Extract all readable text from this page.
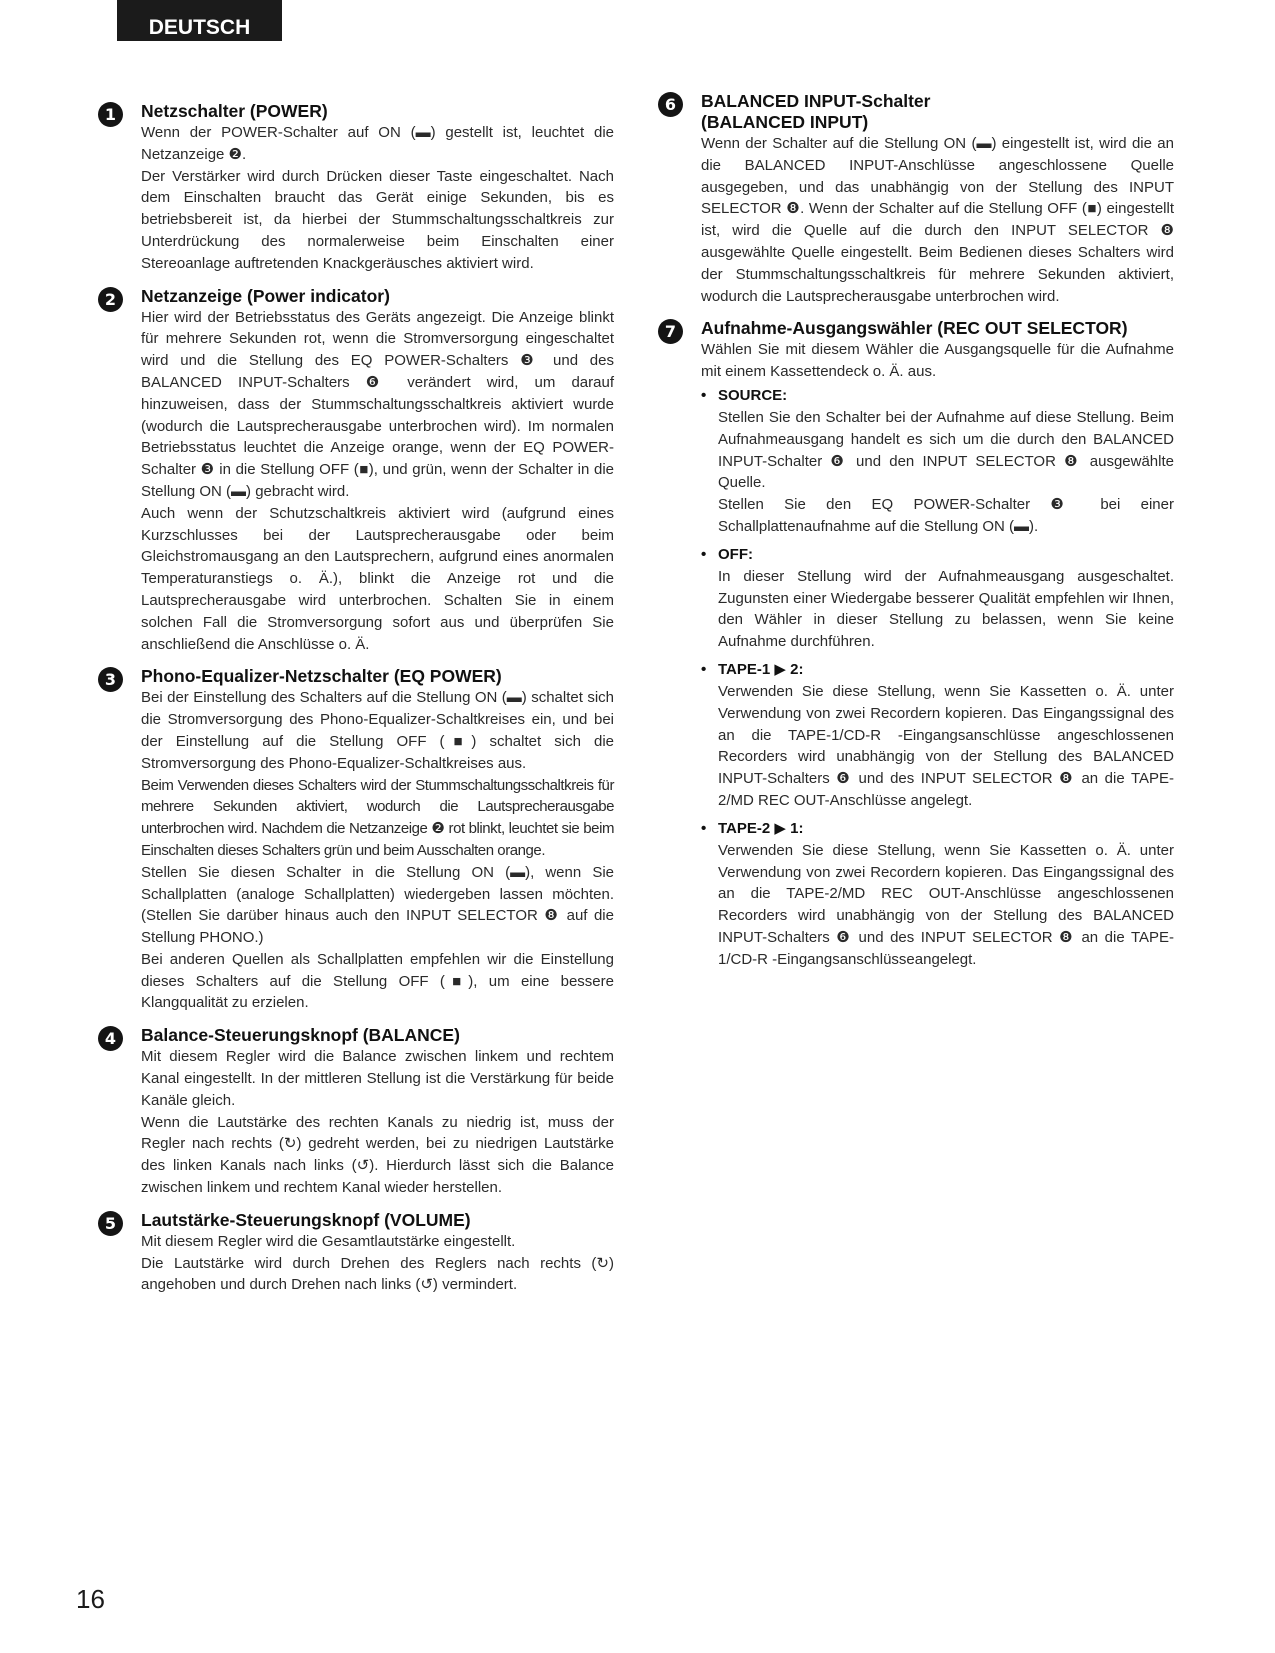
DEUTSCH
1	Netzschalter (POWER)

Wenn der POWER-Schalter auf ON (▬) gestellt ist, leuchtet die Netzanzeige ❷.

Der Verstärker wird durch Drücken dieser Taste eingeschaltet. Nach dem Einschalten braucht das Gerät einige Sekunden, bis es betriebsbereit ist, da hierbei der Stummschaltungsschaltkreis zur Unterdrückung des normalerweise beim Einschalten einer Stereoanlage auftretenden Knackgeräusches aktiviert wird.

2	Netzanzeige (Power indicator)

Hier wird der Betriebsstatus des Geräts angezeigt. Die Anzeige blinkt für mehrere Sekunden rot, wenn die Stromversorgung eingeschaltet wird und die Stellung des EQ POWER-Schalters ❸ und des BALANCED INPUT-Schalters ❻ verändert wird, um darauf hinzuweisen, dass der Stummschaltungsschaltkreis aktiviert wurde (wodurch die Lautsprecherausgabe unterbrochen wird). Im normalen Betriebsstatus leuchtet die Anzeige orange, wenn der EQ POWER-Schalter ❸ in die Stellung OFF (■), und grün, wenn der Schalter in die Stellung ON (▬) gebracht wird.

Auch wenn der Schutzschaltkreis aktiviert wird (aufgrund eines Kurzschlusses bei der Lautsprecherausgabe oder beim Gleichstromausgang an den Lautsprechern, aufgrund eines anormalen Temperaturanstiegs o. Ä.), blinkt die Anzeige rot und die Lautsprecherausgabe wird unterbrochen. Schalten Sie in einem solchen Fall die Stromversorgung sofort aus und überprüfen Sie anschließend die Anschlüsse o. Ä.

3	Phono-Equalizer-Netzschalter (EQ POWER)

Bei der Einstellung des Schalters auf die Stellung ON (▬) schaltet sich die Stromversorgung des Phono-Equalizer-Schaltkreises ein, und bei der Einstellung auf die Stellung OFF (■) schaltet sich die Stromversorgung des Phono-Equalizer-Schaltkreises aus.

Beim Verwenden dieses Schalters wird der Stummschaltungsschaltkreis für mehrere Sekunden aktiviert, wodurch die Lautsprecherausgabe unterbrochen wird. Nachdem die Netzanzeige ❷ rot blinkt, leuchtet sie beim Einschalten dieses Schalters grün und beim Ausschalten orange.

Stellen Sie diesen Schalter in die Stellung ON (▬), wenn Sie Schallplatten (analoge Schallplatten) wiedergeben lassen möchten. (Stellen Sie darüber hinaus auch den INPUT SELECTOR ❽ auf die Stellung PHONO.)

Bei anderen Quellen als Schallplatten empfehlen wir die Einstellung dieses Schalters auf die Stellung OFF (■), um eine bessere Klangqualität zu erzielen.

4	Balance-Steuerungsknopf (BALANCE)

Mit diesem Regler wird die Balance zwischen linkem und rechtem Kanal eingestellt. In der mittleren Stellung ist die Verstärkung für beide Kanäle gleich.

Wenn die Lautstärke des rechten Kanals zu niedrig ist, muss der Regler nach rechts (↻) gedreht werden, bei zu niedrigen Lautstärke des linken Kanals nach links (↺). Hierdurch lässt sich die Balance zwischen linkem und rechtem Kanal wieder herstellen.

5	Lautstärke-Steuerungsknopf (VOLUME)

Mit diesem Regler wird die Gesamtlautstärke eingestellt.

Die Lautstärke wird durch Drehen des Reglers nach rechts (↻) angehoben und durch Drehen nach links (↺) vermindert.

6	BALANCED INPUT-Schalter
(BALANCED INPUT)

Wenn der Schalter auf die Stellung ON (▬) eingestellt ist, wird die an die BALANCED INPUT-Anschlüsse angeschlossene Quelle ausgegeben, und das unabhängig von der Stellung des INPUT SELECTOR ❽. Wenn der Schalter auf die Stellung OFF (■) eingestellt ist, wird die Quelle auf die durch den INPUT SELECTOR ❽ ausgewählte Quelle eingestellt. Beim Bedienen dieses Schalters wird der Stummschaltungsschaltkreis für mehrere Sekunden aktiviert, wodurch die Lautsprecherausgabe unterbrochen wird.

7	Aufnahme-Ausgangswähler (REC OUT SELECTOR)

Wählen Sie mit diesem Wähler die Ausgangsquelle für die Aufnahme mit einem Kassettendeck o. Ä. aus.

• SOURCE:

Stellen Sie den Schalter bei der Aufnahme auf diese Stellung. Beim Aufnahmeausgang handelt es sich um die durch den BALANCED INPUT-Schalter ❻ und den INPUT SELECTOR ❽ ausgewählte Quelle.

Stellen Sie den EQ POWER-Schalter ❸ bei einer Schallplattenaufnahme auf die Stellung ON (▬).

• OFF:

In dieser Stellung wird der Aufnahmeausgang ausgeschaltet. Zugunsten einer Wiedergabe besserer Qualität empfehlen wir Ihnen, den Wähler in dieser Stellung zu belassen, wenn Sie keine Aufnahme durchführen.

• TAPE-1 ▶ 2:

Verwenden Sie diese Stellung, wenn Sie Kassetten o. Ä. unter Verwendung von zwei Recordern kopieren. Das Eingangssignal des an die TAPE-1/CD-R -Eingangsanschlüsse angeschlossenen Recorders wird unabhängig von der Stellung des BALANCED INPUT-Schalters ❻ und des INPUT SELECTOR ❽ an die TAPE-2/MD REC OUT-Anschlüsse angelegt.

• TAPE-2 ▶ 1:

Verwenden Sie diese Stellung, wenn Sie Kassetten o. Ä. unter Verwendung von zwei Recordern kopieren. Das Eingangssignal des an die TAPE-2/MD REC OUT-Anschlüsse angeschlossenen Recorders wird unabhängig von der Stellung des BALANCED INPUT-Schalters ❻ und des INPUT SELECTOR ❽ an die TAPE-1/CD-R -Eingangsanschlüsseangelegt.

16
